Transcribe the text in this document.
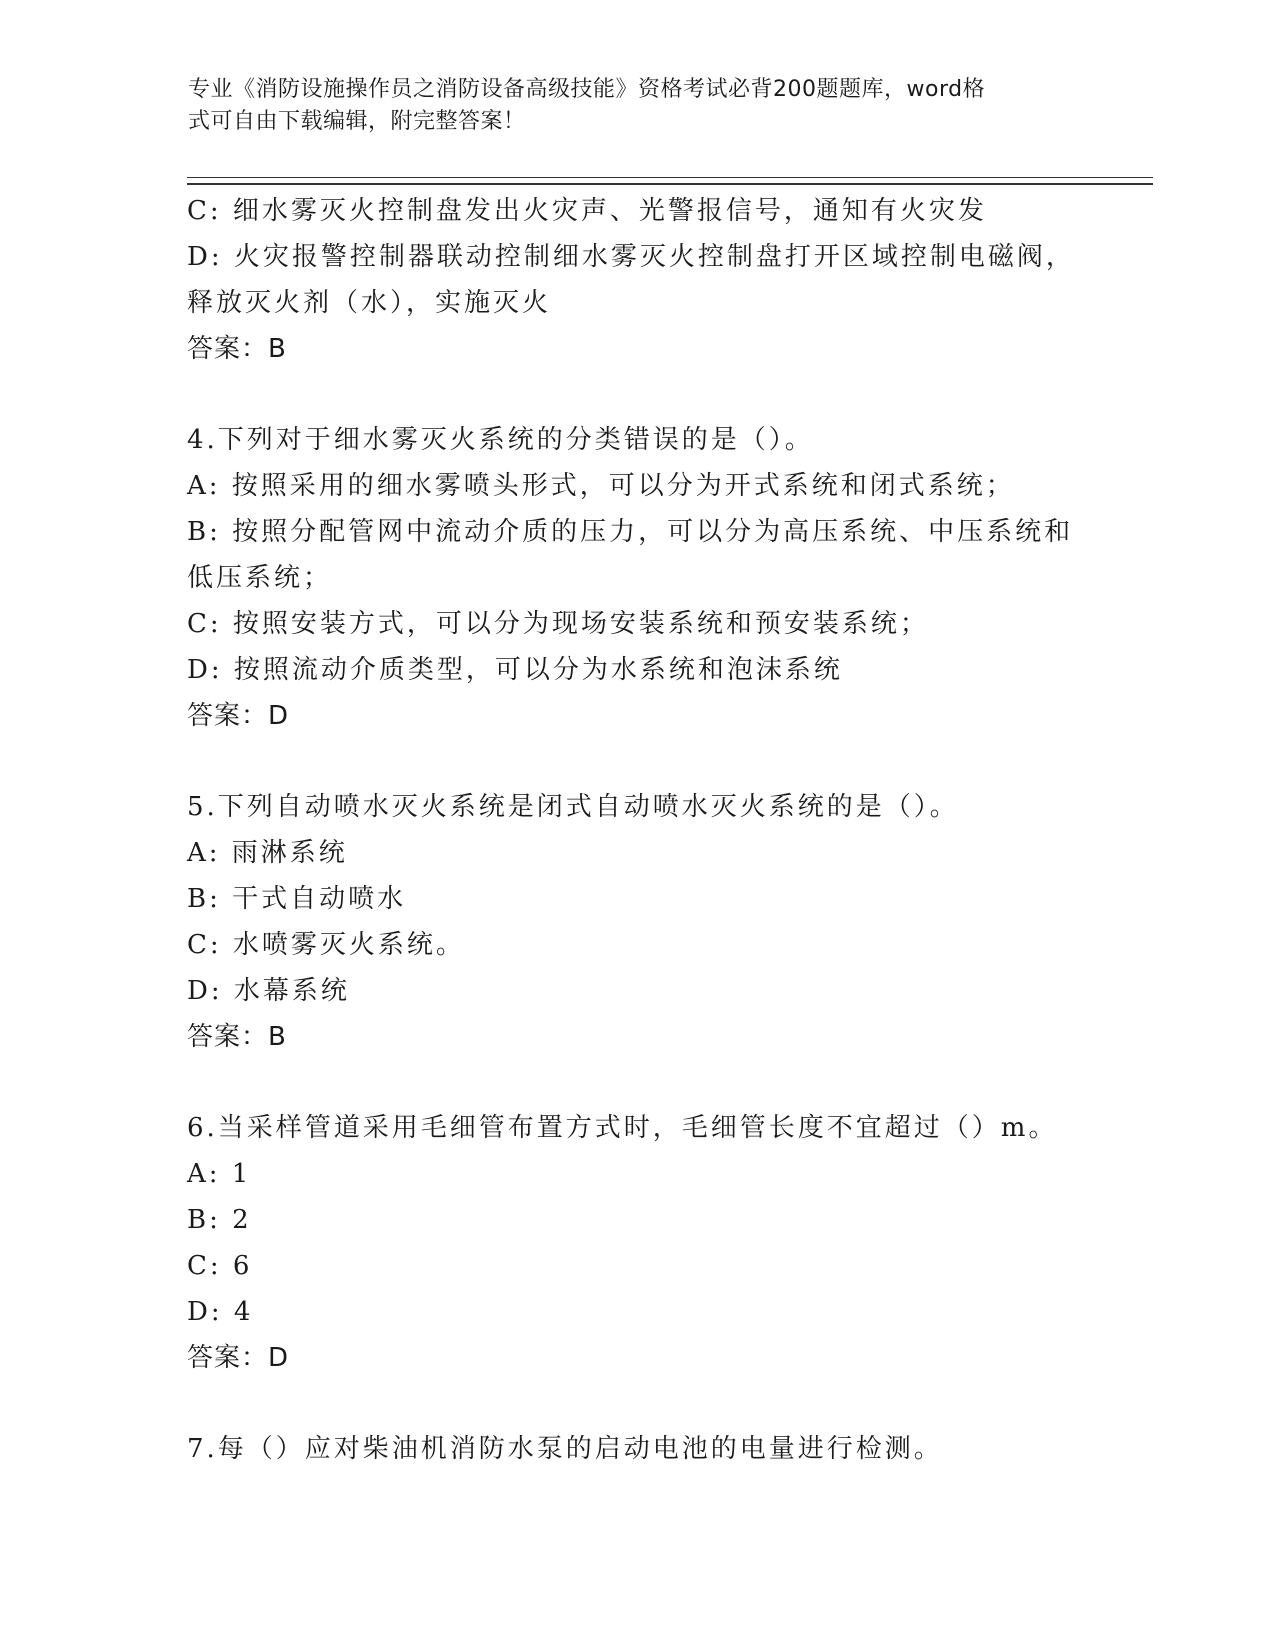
专业《消防设施操作员之消防设备高级技能》资格考试必背200题题库，word格
式可自由下载编辑，附完整答案！
C: 细水雾灭火控制盘发出火灾声、光警报信号，通知有火灾发
D: 火灾报警控制器联动控制细水雾灭火控制盘打开区域控制电磁阀，
释放灭火剂（水），实施灭火
答案：B
4.下列对于细水雾灭火系统的分类错误的是（）。
A: 按照采用的细水雾喷头形式，可以分为开式系统和闭式系统；
B: 按照分配管网中流动介质的压力，可以分为高压系统、中压系统和
低压系统；
C: 按照安装方式，可以分为现场安装系统和预安装系统；
D: 按照流动介质类型，可以分为水系统和泡沫系统
答案：D
5.下列自动喷水灭火系统是闭式自动喷水灭火系统的是（）。
A: 雨淋系统
B: 干式自动喷水
C: 水喷雾灭火系统。
D: 水幕系统
答案：B
6.当采样管道采用毛细管布置方式时，毛细管长度不宜超过（）m。
A: 1
B: 2
C: 6
D: 4
答案：D
7.每（）应对柴油机消防水泵的启动电池的电量进行检测。
